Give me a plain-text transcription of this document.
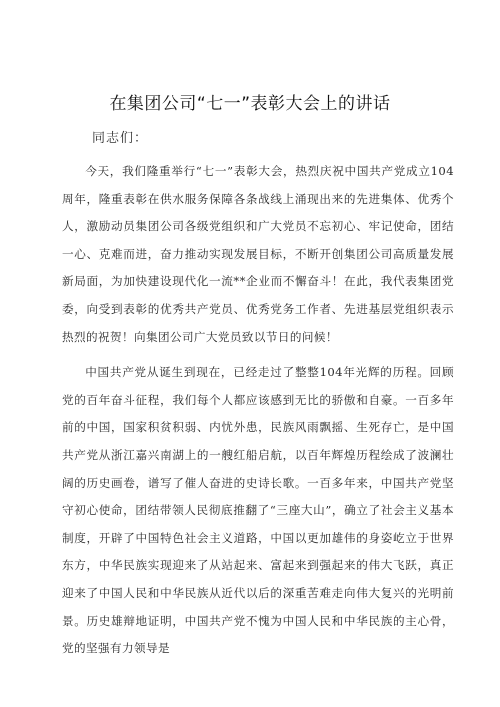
在集团公司“七一”表彰大会上的讲话
同志们：

今天，我们隆重举行“七一”表彰大会，热烈庆祝中国共产党成立104周年，隆重表彰在供水服务保障各条战线上涌现出来的先进集体、优秀个人，激励动员集团公司各级党组织和广大党员不忘初心、牢记使命，团结一心、克难而进，奋力推动实现发展目标，不断开创集团公司高质量发展新局面，为加快建设现代化一流**企业而不懈奋斗！在此，我代表集团党委，向受到表彰的优秀共产党员、优秀党务工作者、先进基层党组织表示热烈的祝贺！向集团公司广大党员致以节日的问候！

中国共产党从诞生到现在，已经走过了整整104年光辉的历程。回顾党的百年奋斗征程，我们每个人都应该感到无比的骄傲和自豪。一百多年前的中国，国家积贫积弱、内忧外患，民族风雨飘摇、生死存亡，是中国共产党从浙江嘉兴南湖上的一艘红船启航，以百年辉煌历程绘成了波澜壮阔的历史画卷，谱写了催人奋进的史诗长歌。一百多年来，中国共产党坚守初心使命，团结带领人民彻底推翻了“三座大山”，确立了社会主义基本制度，开辟了中国特色社会主义道路，中国以更加雄伟的身姿屹立于世界东方，中华民族实现迎来了从站起来、富起来到强起来的伟大飞跃，真正迎来了中国人民和中华民族从近代以后的深重苦难走向伟大复兴的光明前景。历史雄辩地证明，中国共产党不愧为中国人民和中华民族的主心骨，党的坚强有力领导是
